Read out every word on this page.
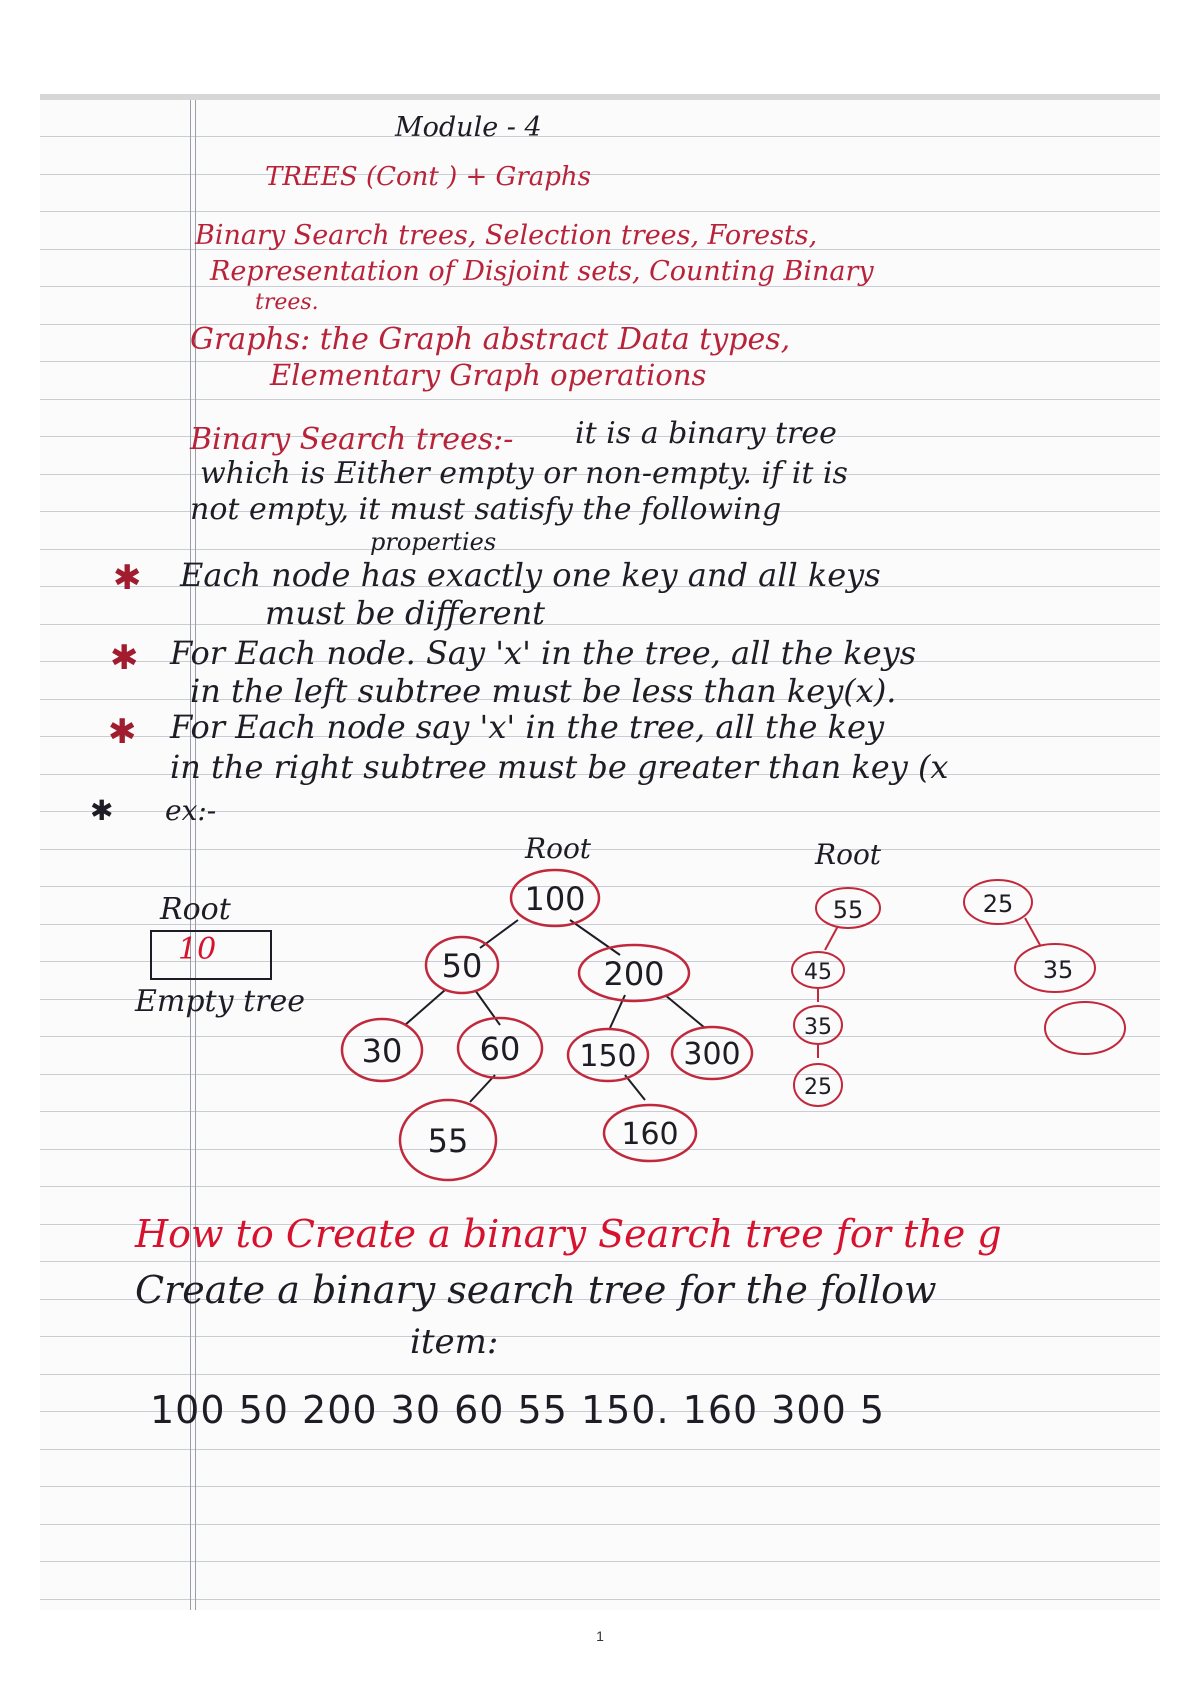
Module - 4
TREES (Cont ) + Graphs
Binary Search trees, Selection trees, Forests,
Representation of Disjoint sets, Counting Binary
trees.
Graphs: the Graph abstract Data types,
Elementary Graph operations
Binary Search trees:- it is a binary tree
which is Either empty or non-empty. if it is
not empty, it must satisfy the following
properties
✱ Each node has exactly one key and all keys
must be different
✱ For Each node. Say 'x' in the tree, all the keys
in the left subtree must be less than key(x).
✱ For Each node say 'x' in the tree, all the key
in the right subtree must be greater than key (x
✱ ex:-
Root
10
Empty tree
Root	Root
100
50	200
30 60 150 300
55	160
55
45
35
25
25
35
How to Create a binary Search tree for the g
Create a binary search tree for the follow
item:
100 50 200 30 60 55 150. 160 300 5
1
